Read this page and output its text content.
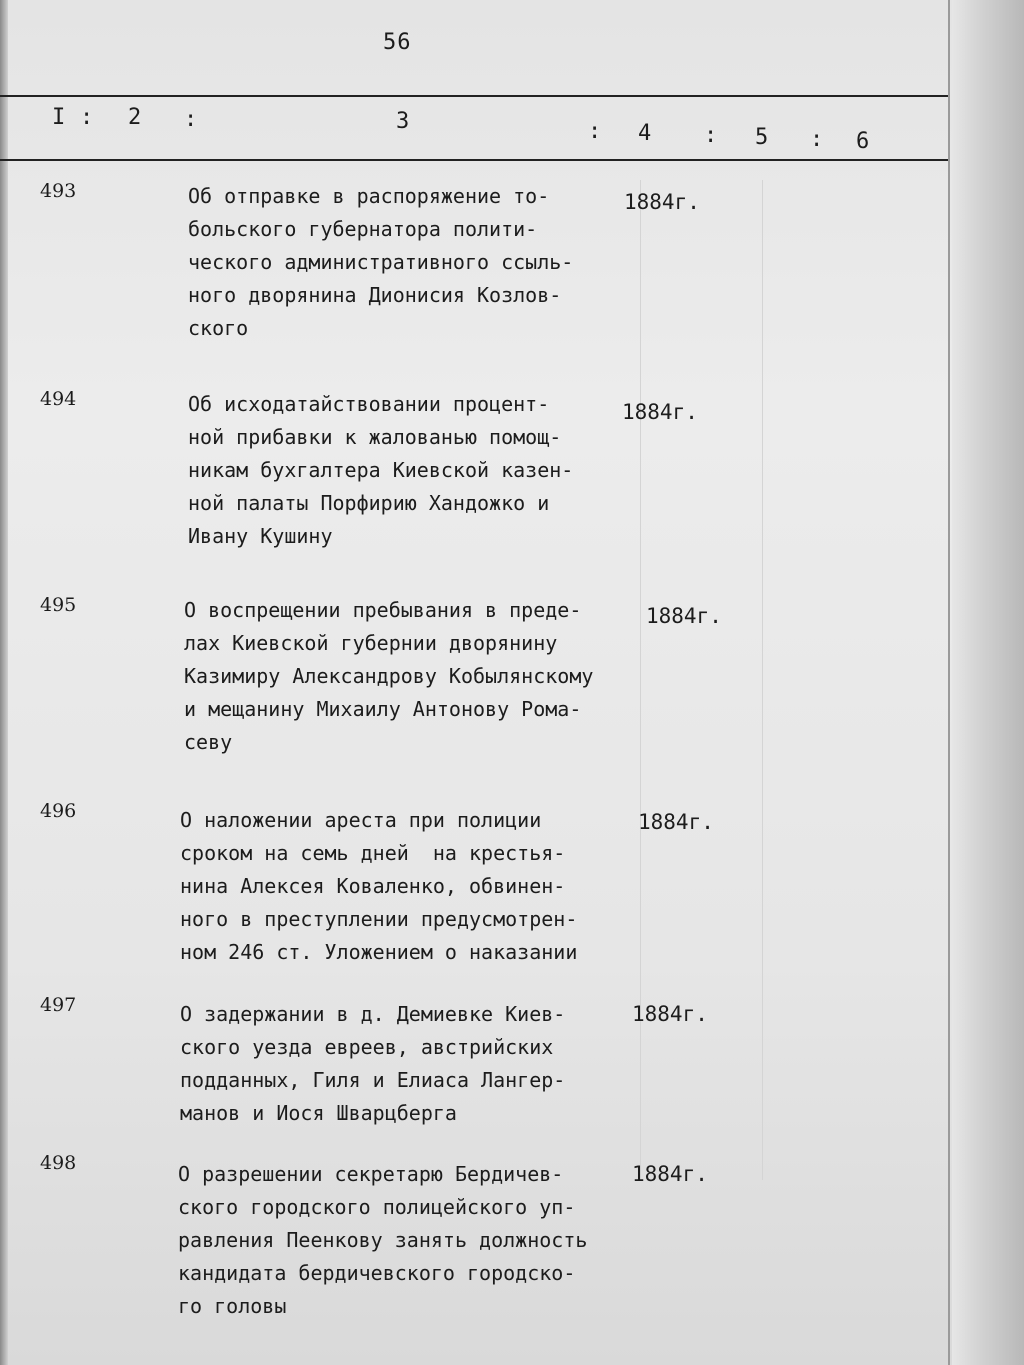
56
I : 2 :	3	: 4 : 5 : 6
493	Об отправке в распоряжение то-
больского губернатора полити-
ческого административного ссыль-
ного дворянина Дионисия Козлов-
ского
1884г.
494	Об исходатайствовании процент-
ной прибавки к жалованью помощ-
никам бухгалтера Киевской казен-
ной палаты Порфирию Хандожко и
Ивану Кушину
1884г.
495	О воспрещении пребывания в преде-
лах Киевской губернии дворянину
Казимиру Александрову Кобылянскому
и мещанину Михаилу Антонову Рома-
севу
1884г.
496	О наложении ареста при полиции
сроком на семь дней  на крестья-
нина Алексея Коваленко, обвинен-
ного в преступлении предусмотрен-
ном 246 ст. Уложением о наказании
1884г.
497	О задержании в д. Демиевке Киев-
ского уезда евреев, австрийских
подданных, Гиля и Елиаса Лангер-
манов и Иося Шварцберга
1884г.
498	О разрешении секретарю Бердичев-
ского городского полицейского уп-
равления Пеенкову занять должность
кандидата бердичевского городско-
го головы
1884г.
